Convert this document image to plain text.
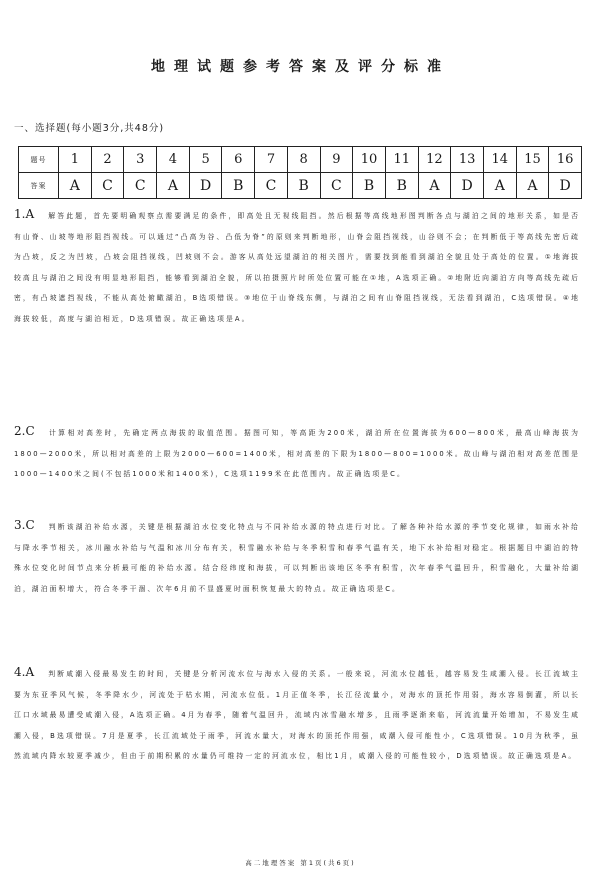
地理试题参考答案及评分标准
一、选择题(每小题3分,共48分)
题号	1	2	3	4	5	6	7	8	9	10	11	12	13	14	15	16
答案	A	C	C	A	D	B	C	B	C	B	B	A	D	A	A	D
1.A 解答此题，首先要明确观察点需要满足的条件，即高处且无视线阻挡。然后根据等高线地形图判断各点与湖泊之间的地形关系，如是否有山脊、山坡等地形阻挡视线。可以通过“凸高为谷、凸低为脊”的原则来判断地形，山脊会阻挡视线，山谷则不会；在判断低于等高线先密后疏为凸坡，反之为凹坡，凸坡会阻挡视线，凹坡则不会。游客从高处远望湖泊的相关图片，需要找到能看到湖泊全貌且处于高处的位置。①地海拔较高且与湖泊之间没有明显地形阻挡，能够看到湖泊全貌，所以拍摄照片时所处位置可能在①地，A选项正确。②地附近向湖泊方向等高线先疏后密，有凸坡遮挡视线，不能从高处俯瞰湖泊，B选项错误。③地位于山脊线东侧，与湖泊之间有山脊阻挡视线，无法看到湖泊，C选项错误。④地海拔较低，高度与湖泊相近，D选项错误。故正确选项是A。
2.C 计算相对高差时，先确定两点海拔的取值范围。据图可知，等高距为200米，湖泊所在位置海拔为600—800米，最高山峰海拔为1800—2000米，所以相对高差的上限为2000—600=1400米，相对高差的下限为1800—800=1000米。故山峰与湖泊相对高差范围是1000—1400米之间(不包括1000米和1400米)，C选项1199米在此范围内。故正确选项是C。
3.C 判断该湖泊补给水源，关键是根据湖泊水位变化特点与不同补给水源的特点进行对比。了解各种补给水源的季节变化规律，如雨水补给与降水季节相关，冰川融水补给与气温和冰川分布有关，积雪融水补给与冬季积雪和春季气温有关，地下水补给相对稳定。根据题目中湖泊的特殊水位变化时间节点来分析最可能的补给水源。结合经纬度和海拔，可以判断出该地区冬季有积雪，次年春季气温回升，积雪融化，大量补给湖泊，湖泊面积增大，符合冬季干涸、次年6月前不显盛夏时面积恢复最大的特点。故正确选项是C。
4.A 判断咸潮入侵最易发生的时间，关键是分析河流水位与海水入侵的关系。一般来说，河流水位越低，越容易发生咸潮入侵。长江流域主要为东亚季风气候，冬季降水少，河流处于枯水期，河流水位低。1月正值冬季，长江径流量小，对海水的顶托作用弱，海水容易倒灌，所以长江口水域最易遭受咸潮入侵，A选项正确。4月为春季，随着气温回升，流域内冰雪融水增多，且雨季逐渐来临，河流流量开始增加，不易发生咸潮入侵，B选项错误。7月是夏季，长江流域处于雨季，河流水量大，对海水的顶托作用强，咸潮入侵可能性小，C选项错误。10月为秋季，虽然流域内降水较夏季减少，但由于前期积累的水量仍可维持一定的河流水位，相比1月，咸潮入侵的可能性较小，D选项错误。故正确选项是A。
高二地理答案 第1页(共6页)
